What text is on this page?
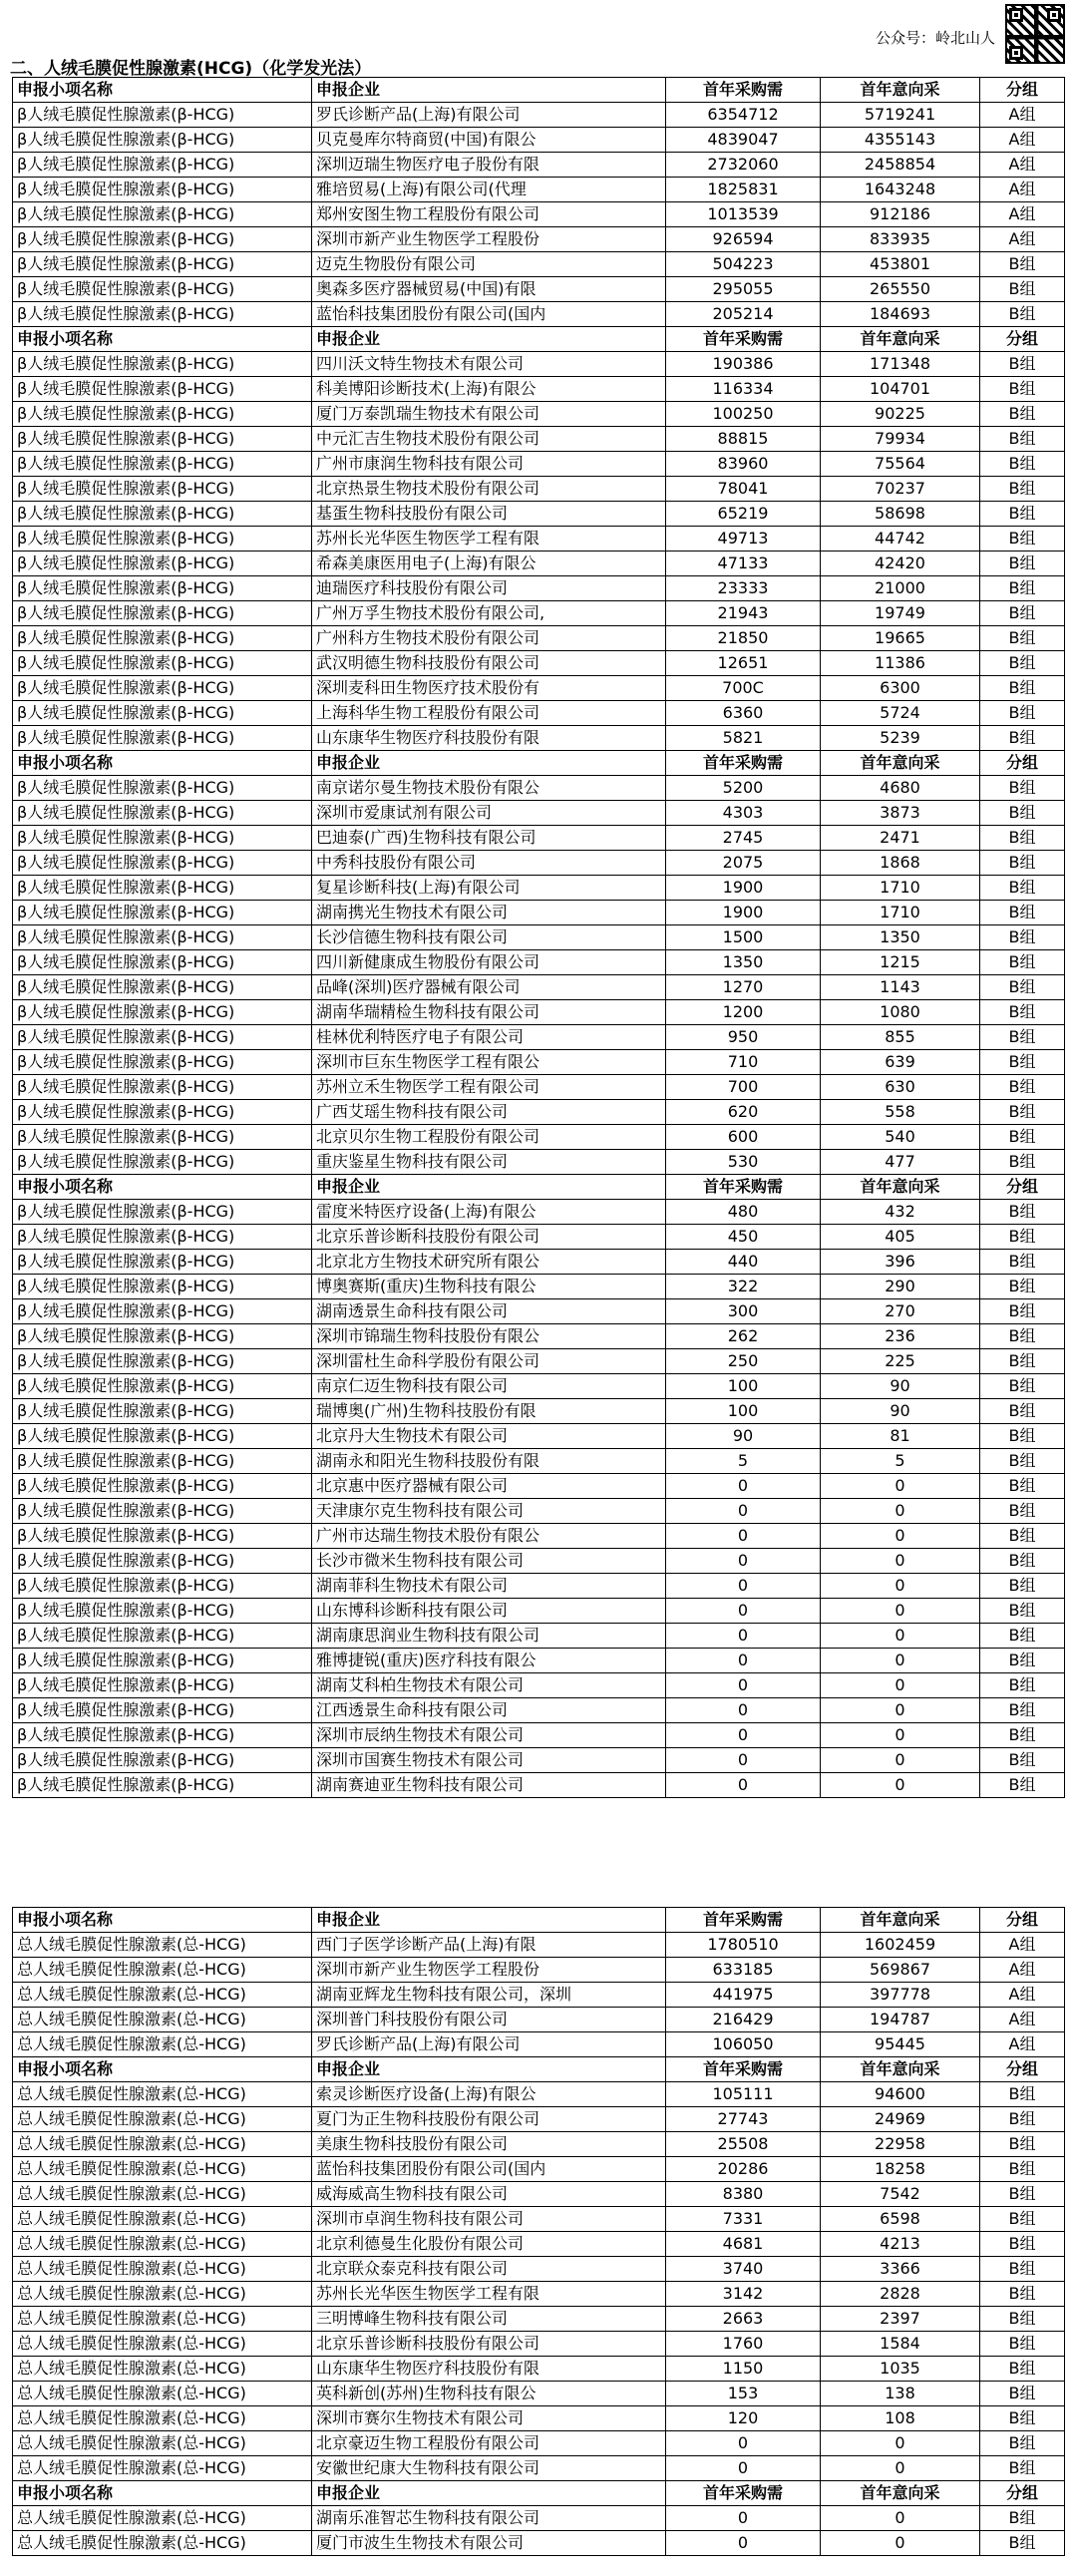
公众号：岭北山人
二、人绒毛膜促性腺激素(HCG)（化学发光法）
申报小项名称	申报企业	首年采购需	首年意向采	分组
β人绒毛膜促性腺激素(β-HCG)	罗氏诊断产品(上海)有限公司	6354712	5719241	A组
β人绒毛膜促性腺激素(β-HCG)	贝克曼库尔特商贸(中国)有限公	4839047	4355143	A组
β人绒毛膜促性腺激素(β-HCG)	深圳迈瑞生物医疗电子股份有限	2732060	2458854	A组
β人绒毛膜促性腺激素(β-HCG)	雅培贸易(上海)有限公司(代理	1825831	1643248	A组
β人绒毛膜促性腺激素(β-HCG)	郑州安图生物工程股份有限公司	1013539	912186	A组
β人绒毛膜促性腺激素(β-HCG)	深圳市新产业生物医学工程股份	926594	833935	A组
β人绒毛膜促性腺激素(β-HCG)	迈克生物股份有限公司	504223	453801	B组
β人绒毛膜促性腺激素(β-HCG)	奥森多医疗器械贸易(中国)有限	295055	265550	B组
β人绒毛膜促性腺激素(β-HCG)	蓝怡科技集团股份有限公司(国内	205214	184693	B组
申报小项名称	申报企业	首年采购需	首年意向采	分组
β人绒毛膜促性腺激素(β-HCG)	四川沃文特生物技术有限公司	190386	171348	B组
β人绒毛膜促性腺激素(β-HCG)	科美博阳诊断技术(上海)有限公	116334	104701	B组
β人绒毛膜促性腺激素(β-HCG)	厦门万泰凯瑞生物技术有限公司	100250	90225	B组
β人绒毛膜促性腺激素(β-HCG)	中元汇吉生物技术股份有限公司	88815	79934	B组
β人绒毛膜促性腺激素(β-HCG)	广州市康润生物科技有限公司	83960	75564	B组
β人绒毛膜促性腺激素(β-HCG)	北京热景生物技术股份有限公司	78041	70237	B组
β人绒毛膜促性腺激素(β-HCG)	基蛋生物科技股份有限公司	65219	58698	B组
β人绒毛膜促性腺激素(β-HCG)	苏州长光华医生物医学工程有限	49713	44742	B组
β人绒毛膜促性腺激素(β-HCG)	希森美康医用电子(上海)有限公	47133	42420	B组
β人绒毛膜促性腺激素(β-HCG)	迪瑞医疗科技股份有限公司	23333	21000	B组
β人绒毛膜促性腺激素(β-HCG)	广州万孚生物技术股份有限公司,	21943	19749	B组
β人绒毛膜促性腺激素(β-HCG)	广州科方生物技术股份有限公司	21850	19665	B组
β人绒毛膜促性腺激素(β-HCG)	武汉明德生物科技股份有限公司	12651	11386	B组
β人绒毛膜促性腺激素(β-HCG)	深圳麦科田生物医疗技术股份有	700C	6300	B组
β人绒毛膜促性腺激素(β-HCG)	上海科华生物工程股份有限公司	6360	5724	B组
β人绒毛膜促性腺激素(β-HCG)	山东康华生物医疗科技股份有限	5821	5239	B组
申报小项名称	申报企业	首年采购需	首年意向采	分组
β人绒毛膜促性腺激素(β-HCG)	南京诺尔曼生物技术股份有限公	5200	4680	B组
β人绒毛膜促性腺激素(β-HCG)	深圳市爱康试剂有限公司	4303	3873	B组
β人绒毛膜促性腺激素(β-HCG)	巴迪泰(广西)生物科技有限公司	2745	2471	B组
β人绒毛膜促性腺激素(β-HCG)	中秀科技股份有限公司	2075	1868	B组
β人绒毛膜促性腺激素(β-HCG)	复星诊断科技(上海)有限公司	1900	1710	B组
β人绒毛膜促性腺激素(β-HCG)	湖南携光生物技术有限公司	1900	1710	B组
β人绒毛膜促性腺激素(β-HCG)	长沙信德生物科技有限公司	1500	1350	B组
β人绒毛膜促性腺激素(β-HCG)	四川新健康成生物股份有限公司	1350	1215	B组
β人绒毛膜促性腺激素(β-HCG)	品峰(深圳)医疗器械有限公司	1270	1143	B组
β人绒毛膜促性腺激素(β-HCG)	湖南华瑞精检生物科技有限公司	1200	1080	B组
β人绒毛膜促性腺激素(β-HCG)	桂林优利特医疗电子有限公司	950	855	B组
β人绒毛膜促性腺激素(β-HCG)	深圳市巨东生物医学工程有限公	710	639	B组
β人绒毛膜促性腺激素(β-HCG)	苏州立禾生物医学工程有限公司	700	630	B组
β人绒毛膜促性腺激素(β-HCG)	广西艾瑶生物科技有限公司	620	558	B组
β人绒毛膜促性腺激素(β-HCG)	北京贝尔生物工程股份有限公司	600	540	B组
β人绒毛膜促性腺激素(β-HCG)	重庆鉴星生物科技有限公司	530	477	B组
申报小项名称	申报企业	首年采购需	首年意向采	分组
β人绒毛膜促性腺激素(β-HCG)	雷度米特医疗设备(上海)有限公	480	432	B组
β人绒毛膜促性腺激素(β-HCG)	北京乐普诊断科技股份有限公司	450	405	B组
β人绒毛膜促性腺激素(β-HCG)	北京北方生物技术研究所有限公	440	396	B组
β人绒毛膜促性腺激素(β-HCG)	博奥赛斯(重庆)生物科技有限公	322	290	B组
β人绒毛膜促性腺激素(β-HCG)	湖南透景生命科技有限公司	300	270	B组
β人绒毛膜促性腺激素(β-HCG)	深圳市锦瑞生物科技股份有限公	262	236	B组
β人绒毛膜促性腺激素(β-HCG)	深圳雷杜生命科学股份有限公司	250	225	B组
β人绒毛膜促性腺激素(β-HCG)	南京仁迈生物科技有限公司	100	90	B组
β人绒毛膜促性腺激素(β-HCG)	瑞博奥(广州)生物科技股份有限	100	90	B组
β人绒毛膜促性腺激素(β-HCG)	北京丹大生物技术有限公司	90	81	B组
β人绒毛膜促性腺激素(β-HCG)	湖南永和阳光生物科技股份有限	5	5	B组
β人绒毛膜促性腺激素(β-HCG)	北京惠中医疗器械有限公司	0	0	B组
β人绒毛膜促性腺激素(β-HCG)	天津康尔克生物科技有限公司	0	0	B组
β人绒毛膜促性腺激素(β-HCG)	广州市达瑞生物技术股份有限公	0	0	B组
β人绒毛膜促性腺激素(β-HCG)	长沙市微米生物科技有限公司	0	0	B组
β人绒毛膜促性腺激素(β-HCG)	湖南菲科生物技术有限公司	0	0	B组
β人绒毛膜促性腺激素(β-HCG)	山东博科诊断科技有限公司	0	0	B组
β人绒毛膜促性腺激素(β-HCG)	湖南康思润业生物科技有限公司	0	0	B组
β人绒毛膜促性腺激素(β-HCG)	雅博捷锐(重庆)医疗科技有限公	0	0	B组
β人绒毛膜促性腺激素(β-HCG)	湖南艾科柏生物技术有限公司	0	0	B组
β人绒毛膜促性腺激素(β-HCG)	江西透景生命科技有限公司	0	0	B组
β人绒毛膜促性腺激素(β-HCG)	深圳市辰纳生物技术有限公司	0	0	B组
β人绒毛膜促性腺激素(β-HCG)	深圳市国赛生物技术有限公司	0	0	B组
β人绒毛膜促性腺激素(β-HCG)	湖南赛迪亚生物科技有限公司	0	0	B组
申报小项名称	申报企业	首年采购需	首年意向采	分组
总人绒毛膜促性腺激素(总-HCG)	西门子医学诊断产品(上海)有限	1780510	1602459	A组
总人绒毛膜促性腺激素(总-HCG)	深圳市新产业生物医学工程股份	633185	569867	A组
总人绒毛膜促性腺激素(总-HCG)	湖南亚辉龙生物科技有限公司，深圳	441975	397778	A组
总人绒毛膜促性腺激素(总-HCG)	深圳普门科技股份有限公司	216429	194787	A组
总人绒毛膜促性腺激素(总-HCG)	罗氏诊断产品(上海)有限公司	106050	95445	A组
申报小项名称	申报企业	首年采购需	首年意向采	分组
总人绒毛膜促性腺激素(总-HCG)	索灵诊断医疗设备(上海)有限公	105111	94600	B组
总人绒毛膜促性腺激素(总-HCG)	夏门为正生物科技股份有限公司	27743	24969	B组
总人绒毛膜促性腺激素(总-HCG)	美康生物科技股份有限公司	25508	22958	B组
总人绒毛膜促性腺激素(总-HCG)	蓝怡科技集团股份有限公司(国内	20286	18258	B组
总人绒毛膜促性腺激素(总-HCG)	威海威高生物科技有限公司	8380	7542	B组
总人绒毛膜促性腺激素(总-HCG)	深圳市卓润生物科技有限公司	7331	6598	B组
总人绒毛膜促性腺激素(总-HCG)	北京利德曼生化股份有限公司	4681	4213	B组
总人绒毛膜促性腺激素(总-HCG)	北京联众泰克科技有限公司	3740	3366	B组
总人绒毛膜促性腺激素(总-HCG)	苏州长光华医生物医学工程有限	3142	2828	B组
总人绒毛膜促性腺激素(总-HCG)	三明博峰生物科技有限公司	2663	2397	B组
总人绒毛膜促性腺激素(总-HCG)	北京乐普诊断科技股份有限公司	1760	1584	B组
总人绒毛膜促性腺激素(总-HCG)	山东康华生物医疗科技股份有限	1150	1035	B组
总人绒毛膜促性腺激素(总-HCG)	英科新创(苏州)生物科技有限公	153	138	B组
总人绒毛膜促性腺激素(总-HCG)	深圳市赛尔生物技术有限公司	120	108	B组
总人绒毛膜促性腺激素(总-HCG)	北京豪迈生物工程股份有限公司	0	0	B组
总人绒毛膜促性腺激素(总-HCG)	安徽世纪康大生物科技有限公司	0	0	B组
申报小项名称	申报企业	首年采购需	首年意向采	分组
总人绒毛膜促性腺激素(总-HCG)	湖南乐准智芯生物科技有限公司	0	0	B组
总人绒毛膜促性腺激素(总-HCG)	厦门市波生生物技术有限公司	0	0	B组
